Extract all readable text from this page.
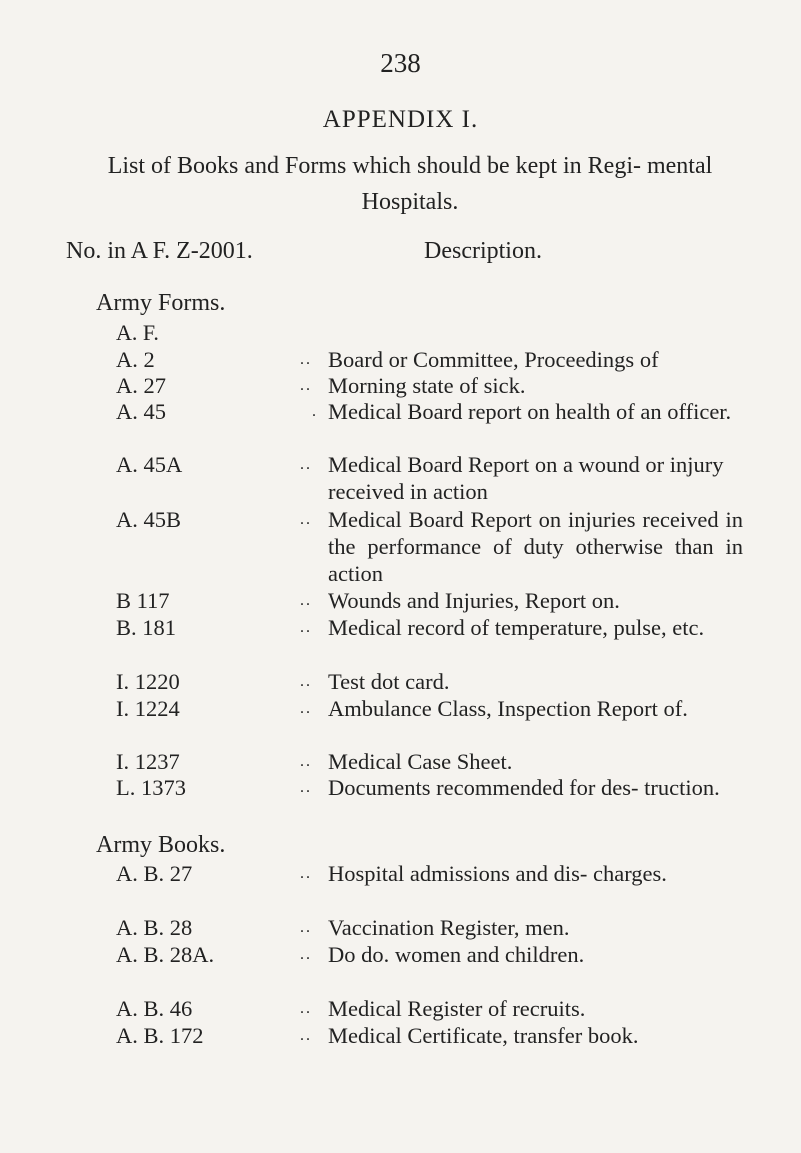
238
APPENDIX I.
List of Books and Forms which should be kept in Regi- mental Hospitals.
No. in A F. Z-2001.	Description.
Army Forms.
A. F.
A. 2	.. Board or Committee, Proceedings of
A. 27	.. Morning state of sick.
A. 45	. Medical Board report on health of an officer.
A. 45A	.. Medical Board Report on a wound or injury received in action
A. 45B	.. Medical Board Report on injuries received in the performance of duty otherwise than in action
B 117	.. Wounds and Injuries, Report on.
B. 181	.. Medical record of temperature, pulse, etc.
I. 1220	.. Test dot card.
I. 1224	.. Ambulance Class, Inspection Report of.
I. 1237	.. Medical Case Sheet.
L. 1373	.. Documents recommended for des- truction.
Army Books.
A. B. 27	.. Hospital admissions and dis- charges.
A. B. 28	.. Vaccination Register, men.
A. B. 28A.	.. Do do. women and children.
A. B. 46	.. Medical Register of recruits.
A. B. 172	.. Medical Certificate, transfer book.
